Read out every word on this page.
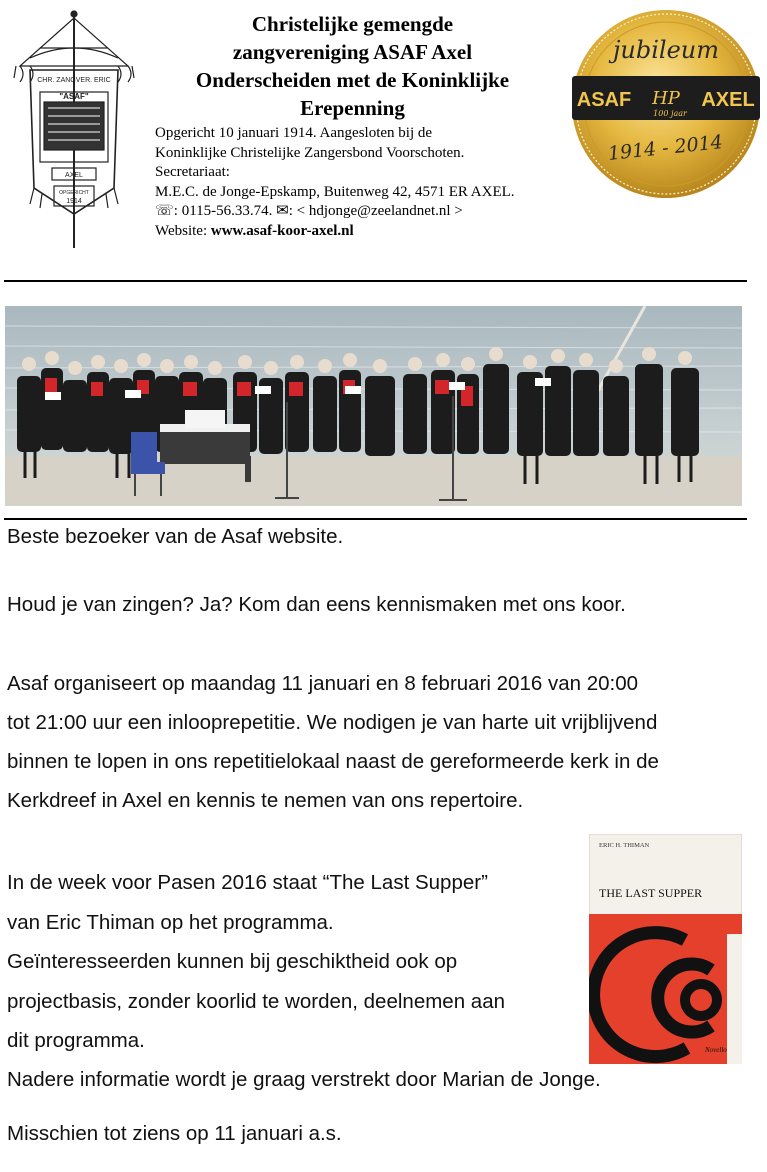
CHR. ZANGVER. ERIC
"ASAF"
AXEL
OPGERICHT
1914
Christelijke gemengde
zangvereniging ASAF Axel
Onderscheiden met de Koninklijke
Erepenning
Opgericht 10 januari 1914. Aangesloten bij de
Koninklijke Christelijke Zangersbond Voorschoten.
Secretariaat:
M.E.C. de Jonge-Epskamp, Buitenweg 42, 4571 ER AXEL.
☏: 0115-56.33.74. ✉: < hdjonge@zeelandnet.nl >
Website: www.asaf-koor-axel.nl
jubileum
ASAF	AXEL
HP
100 jaar
1914 - 2014
Beste bezoeker van de Asaf website.
Houd je van zingen? Ja? Kom dan eens kennismaken met ons koor.
Asaf organiseert op maandag 11 januari en 8 februari 2016 van 20:00
tot 21:00 uur een inlooprepetitie. We nodigen je van harte uit vrijblijvend
binnen te lopen in ons repetitielokaal naast de gereformeerde kerk in de
Kerkdreef in Axel en kennis te nemen van ons repertoire.
In de week voor Pasen 2016 staat “The Last Supper”
van Eric Thiman op het programma.
Geïnteresseerden kunnen bij geschiktheid ook op
projectbasis, zonder koorlid te worden, deelnemen aan
dit programma.
Nadere informatie wordt je graag verstrekt door Marian de Jonge.
Misschien tot ziens op 11 januari a.s.
ERIC H. THIMAN
THE LAST SUPPER
Novello
